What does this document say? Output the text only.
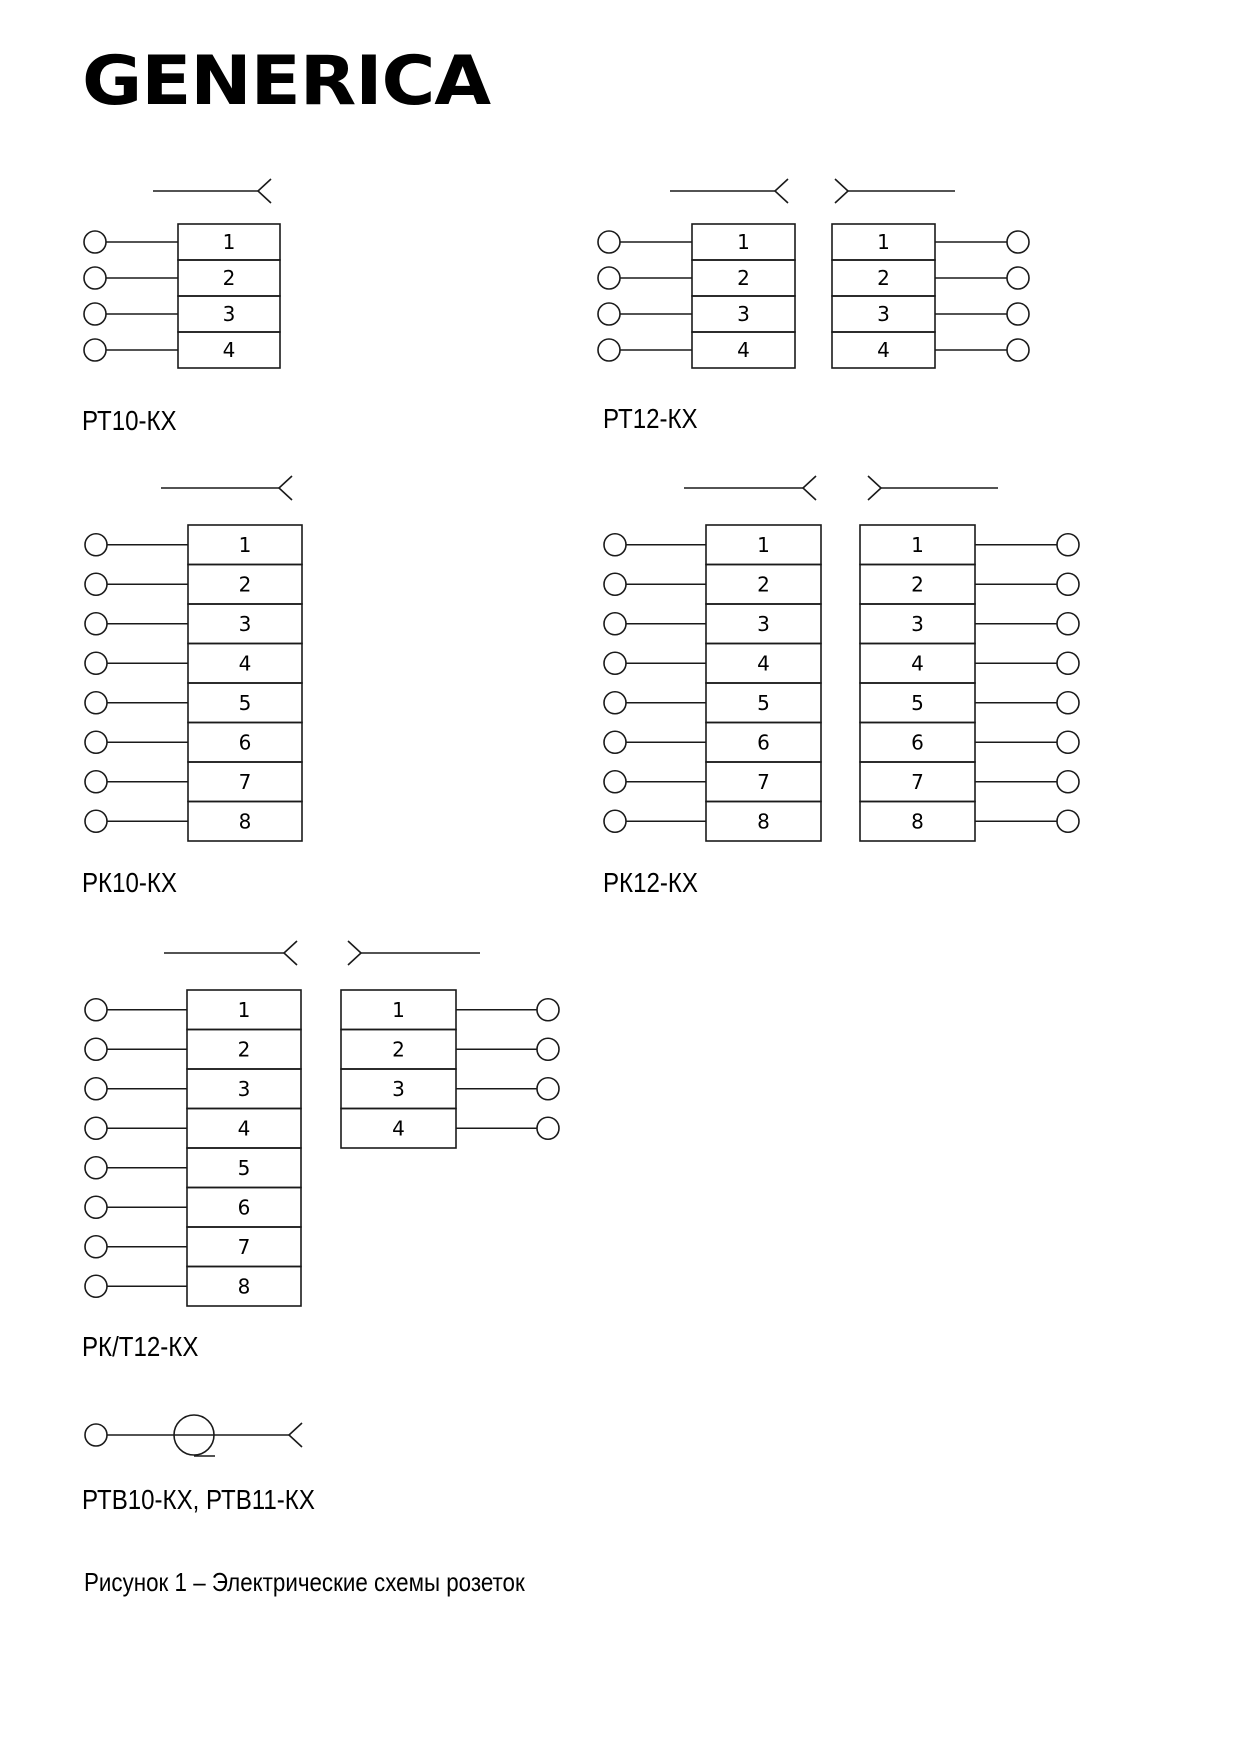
GENERICA
1
2
3
4
1
2
3
4
1
2
3
4
1
2
3
4
5
6
7
8
1
2
3
4
5
6
7
8
1
2
3
4
5
6
7
8
1
2
3
4
5
6
7
8
1
2
3
4
РТ10-КХ	РТ12-КХ
РК10-КХ	РК12-КХ
РК/Т12-КХ
РТВ10-КХ, РТВ11-КХ
Рисунок 1 – Электрические схемы розеток
